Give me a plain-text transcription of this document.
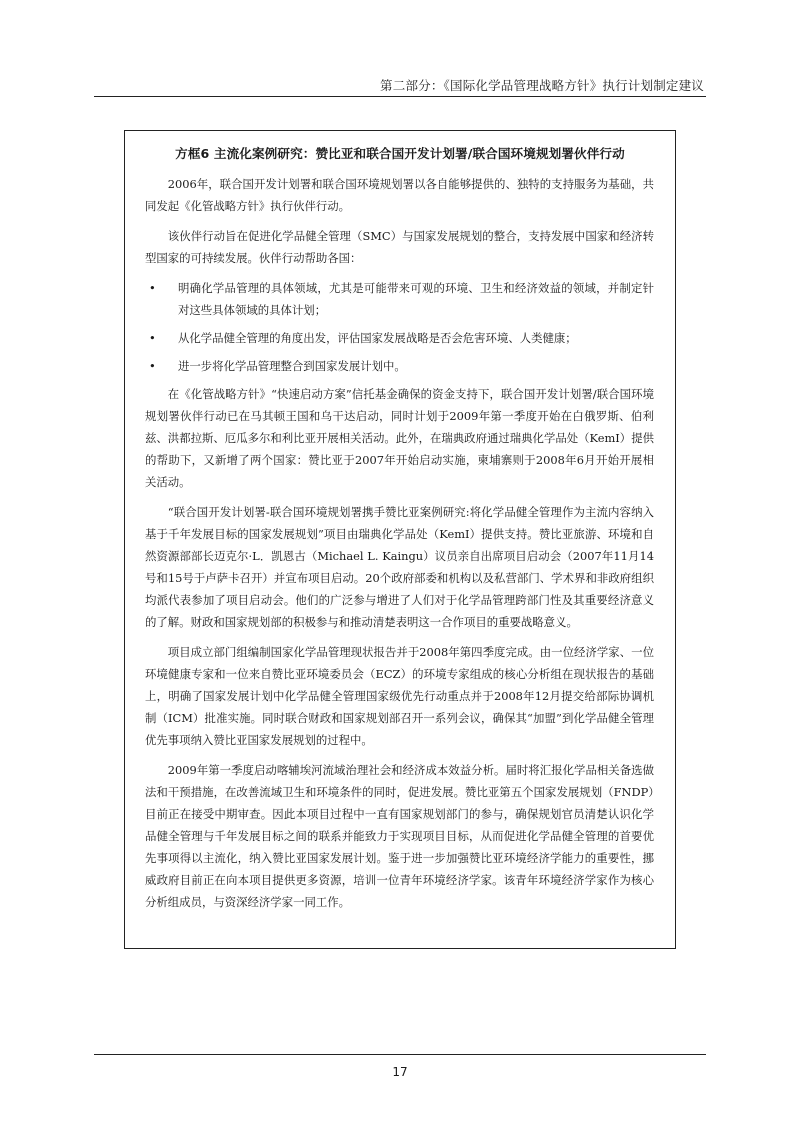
第二部分：《国际化学品管理战略方针》执行计划制定建议
方框6 主流化案例研究：赞比亚和联合国开发计划署/联合国环境规划署伙伴行动

2006年，联合国开发计划署和联合国环境规划署以各自能够提供的、独特的支持服务为基础，共同发起《化管战略方针》执行伙伴行动。

该伙伴行动旨在促进化学品健全管理（SMC）与国家发展规划的整合，支持发展中国家和经济转型国家的可持续发展。伙伴行动帮助各国：

• 明确化学品管理的具体领域，尤其是可能带来可观的环境、卫生和经济效益的领域，并制定针对这些具体领域的具体计划；
• 从化学品健全管理的角度出发，评估国家发展战略是否会危害环境、人类健康；
• 进一步将化学品管理整合到国家发展计划中。

在《化管战略方针》“快速启动方案”信托基金确保的资金支持下，联合国开发计划署/联合国环境规划署伙伴行动已在马其顿王国和乌干达启动，同时计划于2009年第一季度开始在白俄罗斯、伯利兹、洪都拉斯、厄瓜多尔和利比亚开展相关活动。此外，在瑞典政府通过瑞典化学品处（KemI）提供的帮助下，又新增了两个国家：赞比亚于2007年开始启动实施，柬埔寨则于2008年6月开始开展相关活动。

“联合国开发计划署-联合国环境规划署携手赞比亚案例研究:将化学品健全管理作为主流内容纳入基于千年发展目标的国家发展规划”项目由瑞典化学品处（KemI）提供支持。赞比亚旅游、环境和自然资源部部长迈克尔·L．凯恩古（Michael L. Kaingu）议员亲自出席项目启动会（2007年11月14号和15号于卢萨卡召开）并宣布项目启动。20个政府部委和机构以及私营部门、学术界和非政府组织均派代表参加了项目启动会。他们的广泛参与增进了人们对于化学品管理跨部门性及其重要经济意义的了解。财政和国家规划部的积极参与和推动清楚表明这一合作项目的重要战略意义。

项目成立部门组编制国家化学品管理现状报告并于2008年第四季度完成。由一位经济学家、一位环境健康专家和一位来自赞比亚环境委员会（ECZ）的环境专家组成的核心分析组在现状报告的基础上，明确了国家发展计划中化学品健全管理国家级优先行动重点并于2008年12月提交给部际协调机制（ICM）批准实施。同时联合财政和国家规划部召开一系列会议，确保其“加盟”到化学品健全管理优先事项纳入赞比亚国家发展规划的过程中。

2009年第一季度启动喀辅埃河流域治理社会和经济成本效益分析。届时将汇报化学品相关备选做法和干预措施，在改善流域卫生和环境条件的同时，促进发展。赞比亚第五个国家发展规划（FNDP）目前正在接受中期审查。因此本项目过程中一直有国家规划部门的参与，确保规划官员清楚认识化学品健全管理与千年发展目标之间的联系并能致力于实现项目目标，从而促进化学品健全管理的首要优先事项得以主流化，纳入赞比亚国家发展计划。鉴于进一步加强赞比亚环境经济学能力的重要性，挪威政府目前正在向本项目提供更多资源，培训一位青年环境经济学家。该青年环境经济学家作为核心分析组成员，与资深经济学家一同工作。

17
